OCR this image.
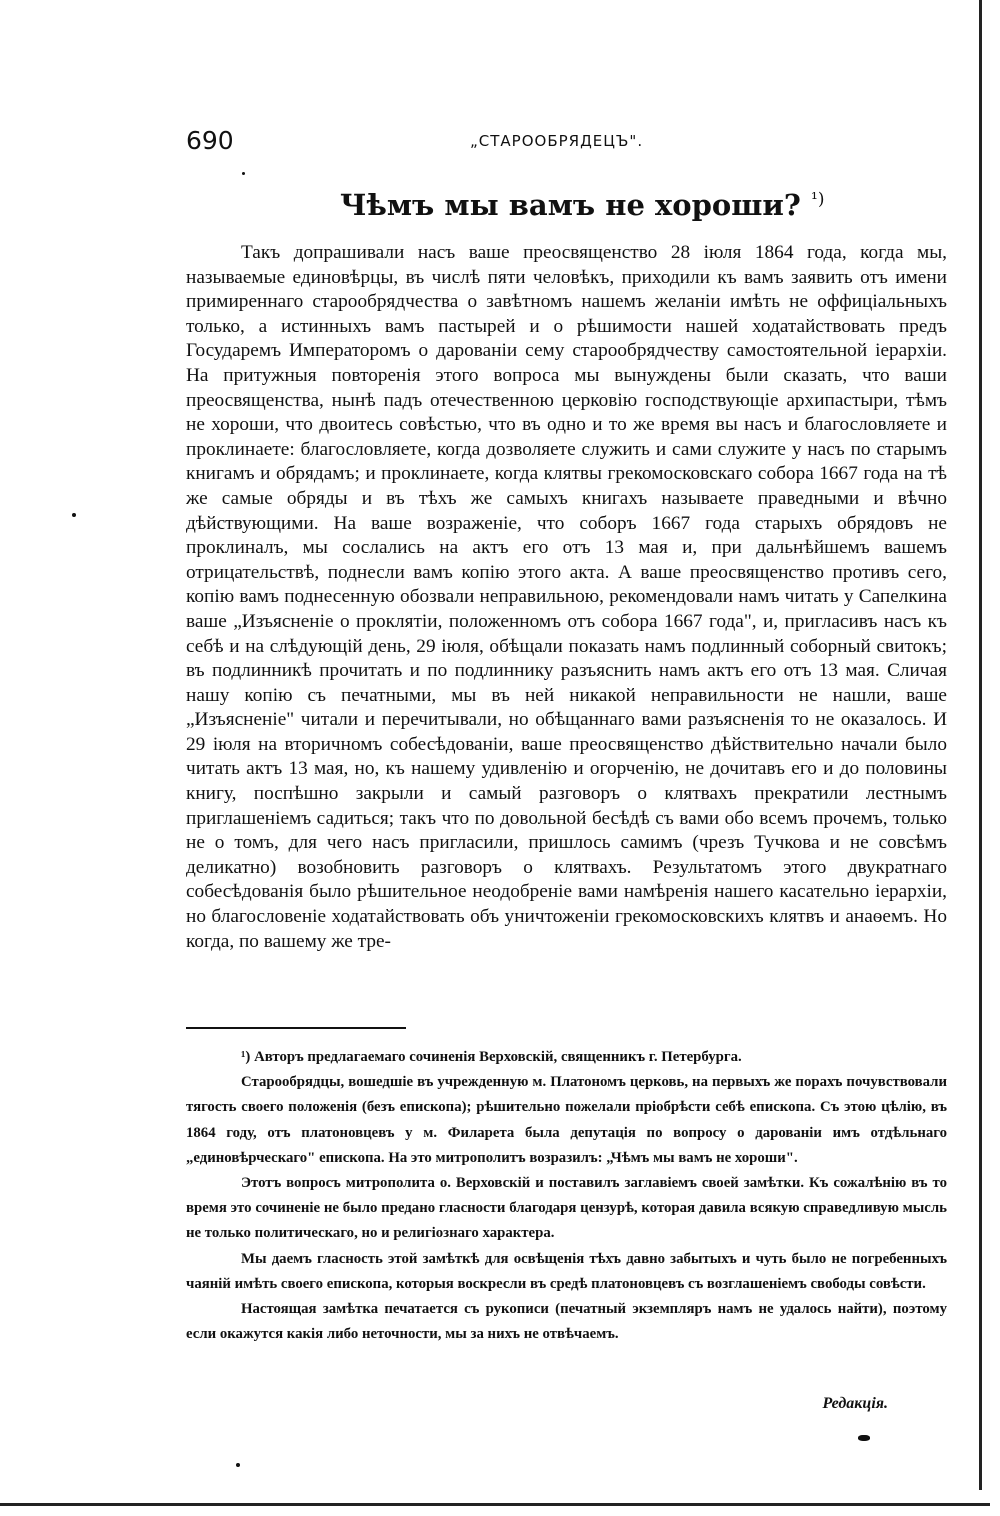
690	„СТАРООБРЯДЕЦЪ".
Чѣмъ мы вамъ не хороши? $^{^1)}$

Такъ допрашивали насъ ваше преосвященство 28 іюля 1864 года, когда мы, называемые единовѣрцы, въ числѣ пяти человѣкъ, приходили къ вамъ заявить отъ имени примиреннаго старообрядчества о завѣтномъ нашемъ желаніи имѣть не оффиціальныхъ только, а истинныхъ вамъ пастырей и о рѣшимости нашей ходатайствовать предъ Государемъ Императоромъ о дарованіи сему старообрядчеству самостоятельной іерархіи. На притужныя повторенія этого вопроса мы вынуждены были сказать, что ваши преосвященства, нынѣ падъ отечественною церковію господствующіе архипастыри, тѣмъ не хороши, что двоитесь совѣстью, что въ одно и то же время вы насъ и благословляете и проклинаете: благословляете, когда дозволяете служить и сами служите у насъ по старымъ книгамъ и обрядамъ; и проклинаете, когда клятвы грекомосковскаго собора 1667 года на тѣ же самые обряды и въ тѣхъ же самыхъ книгахъ называете праведными и вѣчно дѣйствующими. На ваше возраженіе, что соборъ 1667 года старыхъ обрядовъ не проклиналъ, мы сослались на актъ его отъ 13 мая и, при дальнѣйшемъ вашемъ отрицательствѣ, поднесли вамъ копію этого акта. А ваше преосвященство противъ сего, копію вамъ поднесенную обозвали неправильною, рекомендовали намъ читать у Сапелкина ваше „Изъясненіе о проклятіи, положенномъ отъ собора 1667 года", и, пригласивъ насъ къ себѣ и на слѣдующій день, 29 іюля, обѣщали показать намъ подлинный соборный свитокъ; въ подлинникѣ прочитать и по подлиннику разъяснить намъ актъ его отъ 13 мая. Сличая нашу копію съ печатными, мы въ ней никакой неправильности не нашли, ваше „Изъясненіе" читали и перечитывали, но обѣщаннаго вами разъясненія то не оказалось. И 29 іюля на вторичномъ собесѣдованіи, ваше преосвященство дѣйствительно начали было читать актъ 13 мая, но, къ нашему удивленію и огорченію, не дочитавъ его и до половины книгу, поспѣшно закрыли и самый разговоръ о клятвахъ прекратили лестнымъ приглашеніемъ садиться; такъ что по довольной бесѣдѣ съ вами обо всемъ прочемъ, только не о томъ, для чего насъ пригласили, пришлось самимъ (чрезъ Тучкова и не совсѣмъ деликатно) возобновить разговоръ о клятвахъ. Результатомъ этого двукратнаго собесѣдованія было рѣшительное неодобреніе вами намѣренія нашего касательно іерархіи, но благословеніе ходатайствовать объ уничтоженіи грекомосковскихъ клятвъ и анаѳемъ. Но когда, по вашему же тре-

¹) Авторъ предлагаемаго сочиненія Верховскій, священникъ г. Петербурга.

Старообрядцы, вошедшіе въ учрежденную м. Платономъ церковь, на первыхъ же порахъ почувствовали тягость своего положенія (безъ епископа); рѣшительно пожелали пріобрѣсти себѣ епископа. Съ этою цѣлію, въ 1864 году, отъ платоновцевъ у м. Филарета была депутація по вопросу о дарованіи имъ отдѣльнаго „единовѣрческаго" епископа. На это митрополитъ возразилъ: „Чѣмъ мы вамъ не хороши".

Этотъ вопросъ митрополита о. Верховскій и поставилъ заглавіемъ своей замѣтки. Къ сожалѣнію въ то время это сочиненіе не было предано гласности благодаря цензурѣ, которая давила всякую справедливую мысль не только политическаго, но и религіознаго характера.

Мы даемъ гласность этой замѣткѣ для освѣщенія тѣхъ давно забытыхъ и чуть было не погребенныхъ чаяній имѣть своего епископа, которыя воскресли въ средѣ платоновцевъ съ возглашеніемъ свободы совѣсти.

Настоящая замѣтка печатается съ рукописи (печатный экземпляръ намъ не удалось найти), поэтому если окажутся какія либо неточности, мы за нихъ не отвѣчаемъ.

Редакція.
